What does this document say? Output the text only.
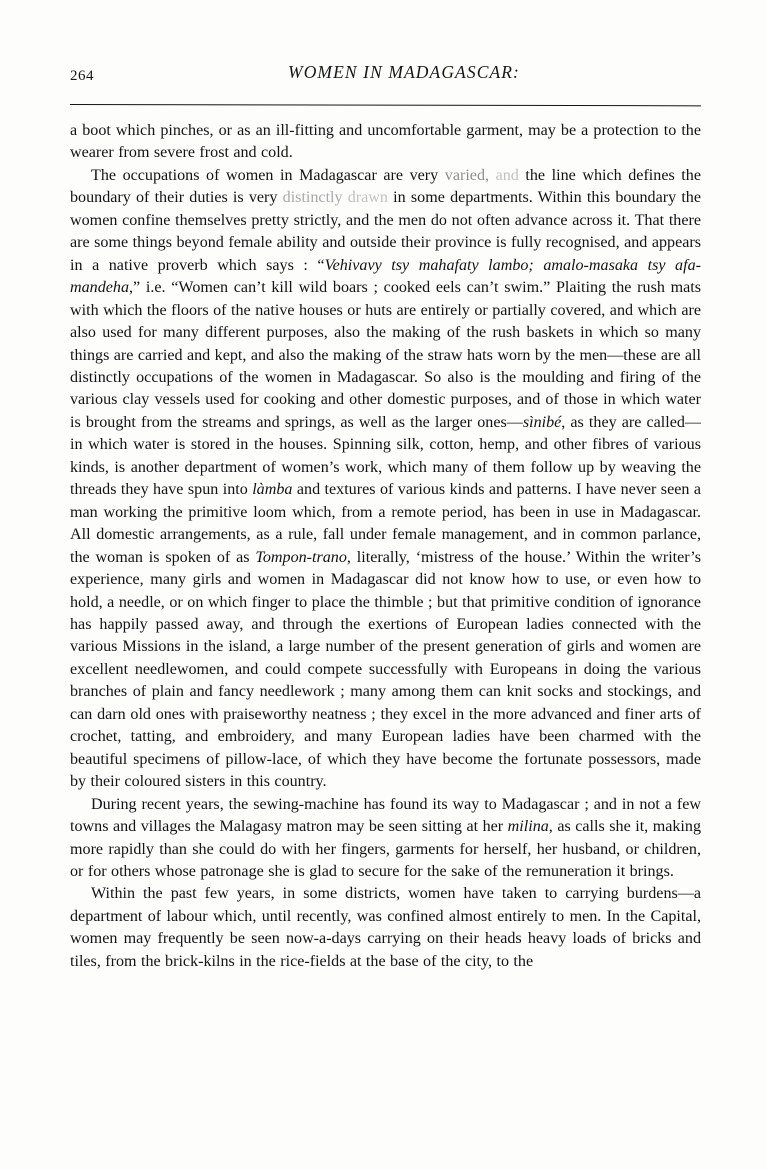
264	WOMEN IN MADAGASCAR:

a boot which pinches, or as an ill-fitting and uncomfortable garment, may be a protection to the wearer from severe frost and cold.

The occupations of women in Madagascar are very varied, and the line which defines the boundary of their duties is very distinctly drawn in some departments. Within this boundary the women confine themselves pretty strictly, and the men do not often advance across it. That there are some things beyond female ability and outside their province is fully recognised, and appears in a native proverb which says : “Vehivavy tsy mahafaty lambo; amalo-masaka tsy afa-mandeha,” i.e. “Women can’t kill wild boars ; cooked eels can’t swim.” Plaiting the rush mats with which the floors of the native houses or huts are entirely or partially covered, and which are also used for many different purposes, also the making of the rush baskets in which so many things are carried and kept, and also the making of the straw hats worn by the men—these are all distinctly occupations of the women in Madagascar. So also is the moulding and firing of the various clay vessels used for cooking and other domestic purposes, and of those in which water is brought from the streams and springs, as well as the larger ones—sìnibé, as they are called—in which water is stored in the houses. Spinning silk, cotton, hemp, and other fibres of various kinds, is another department of women’s work, which many of them follow up by weaving the threads they have spun into làmba and textures of various kinds and patterns. I have never seen a man working the primitive loom which, from a remote period, has been in use in Madagascar. All domestic arrangements, as a rule, fall under female management, and in common parlance, the woman is spoken of as Tompon-trano, literally, ‘mistress of the house.’ Within the writer’s experience, many girls and women in Madagascar did not know how to use, or even how to hold, a needle, or on which finger to place the thimble ; but that primitive condition of ignorance has happily passed away, and through the exertions of European ladies connected with the various Missions in the island, a large number of the present generation of girls and women are excellent needlewomen, and could compete successfully with Europeans in doing the various branches of plain and fancy needlework ; many among them can knit socks and stockings, and can darn old ones with praiseworthy neatness ; they excel in the more advanced and finer arts of crochet, tatting, and embroidery, and many European ladies have been charmed with the beautiful specimens of pillow-lace, of which they have become the fortunate possessors, made by their coloured sisters in this country.

During recent years, the sewing-machine has found its way to Madagascar ; and in not a few towns and villages the Malagasy matron may be seen sitting at her milina, as calls she it, making more rapidly than she could do with her fingers, garments for herself, her husband, or children, or for others whose patronage she is glad to secure for the sake of the remuneration it brings.

Within the past few years, in some districts, women have taken to carrying burdens—a department of labour which, until recently, was confined almost entirely to men. In the Capital, women may frequently be seen now-a-days carrying on their heads heavy loads of bricks and tiles, from the brick-kilns in the rice-fields at the base of the city, to the
